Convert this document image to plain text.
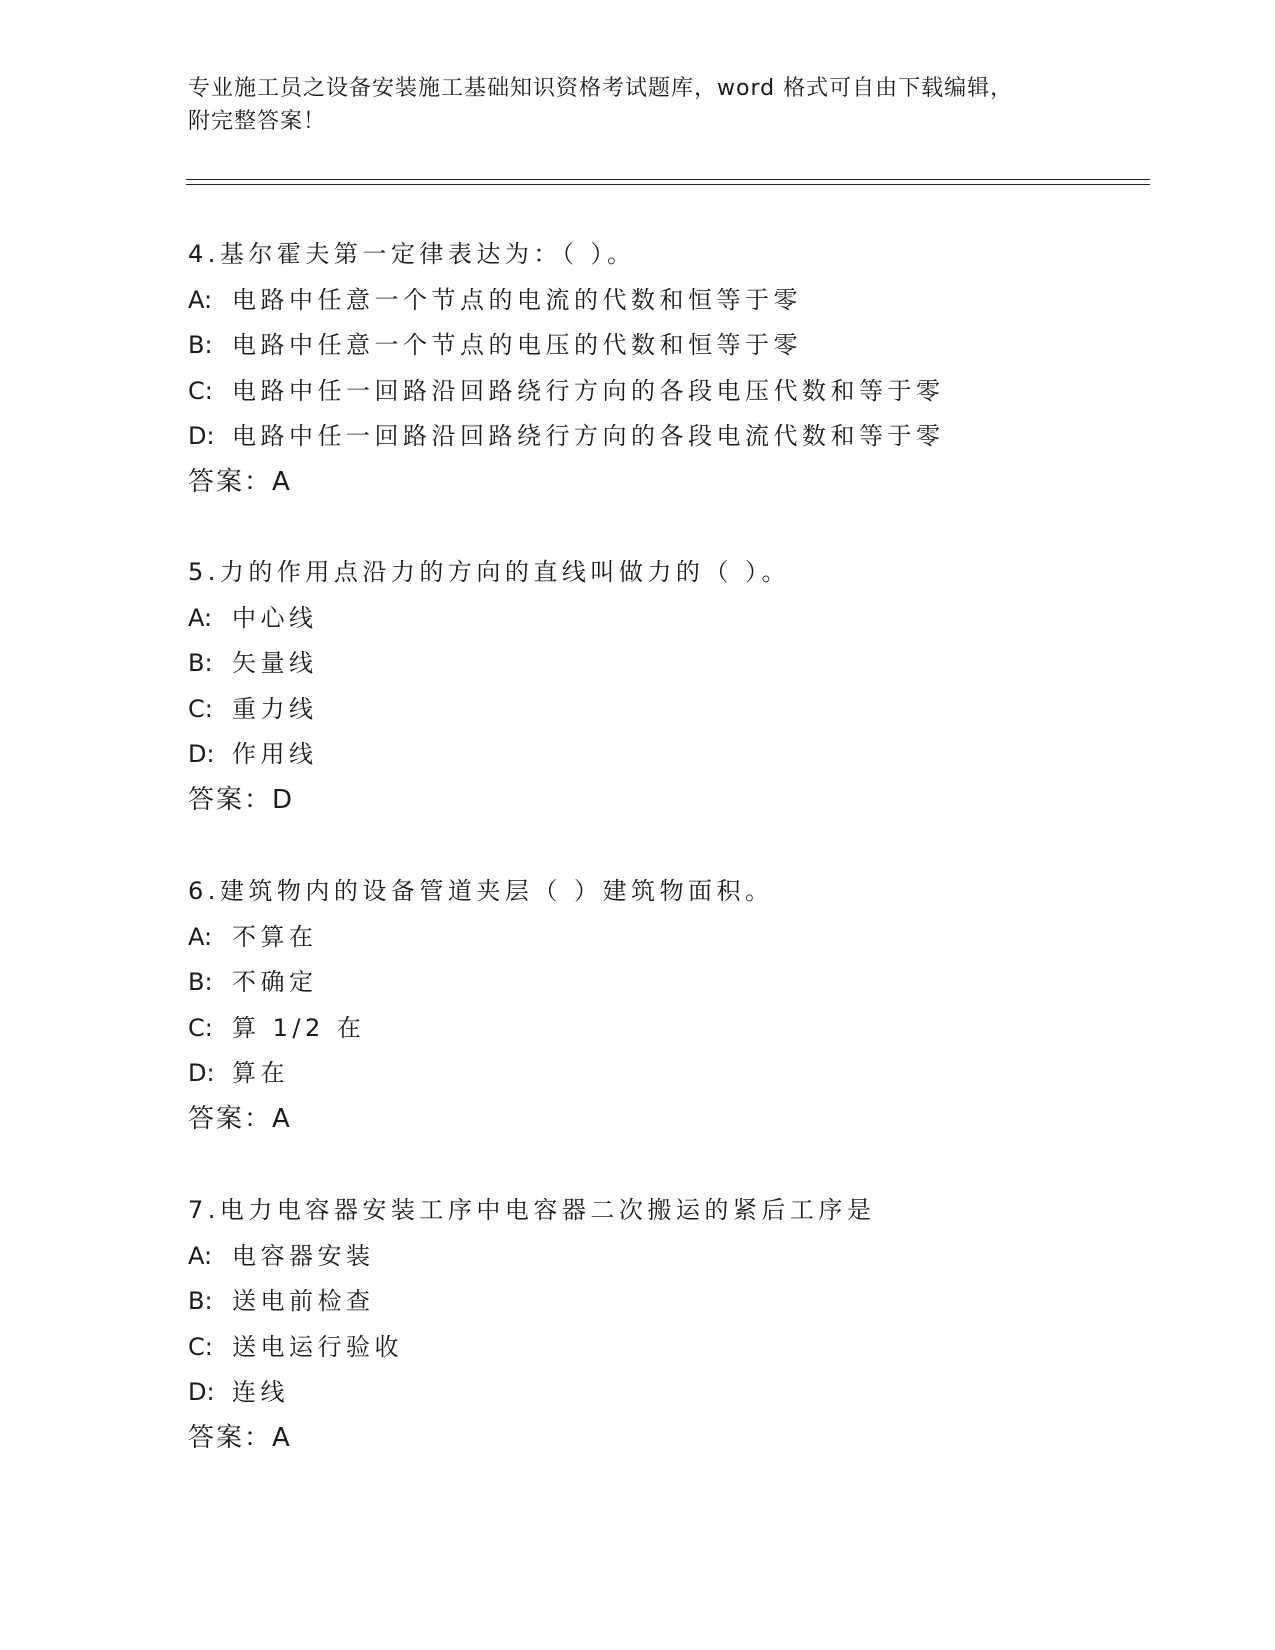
专业施工员之设备安装施工基础知识资格考试题库，word 格式可自由下载编辑，
附完整答案！
4.基尔霍夫第一定律表达为：（ ）。
A: 电路中任意一个节点的电流的代数和恒等于零
B: 电路中任意一个节点的电压的代数和恒等于零
C: 电路中任一回路沿回路绕行方向的各段电压代数和等于零
D: 电路中任一回路沿回路绕行方向的各段电流代数和等于零
答案：A
5.力的作用点沿力的方向的直线叫做力的（ ）。
A: 中心线
B: 矢量线
C: 重力线
D: 作用线
答案：D
6.建筑物内的设备管道夹层（ ）建筑物面积。
A: 不算在
B: 不确定
C: 算 1/2 在
D: 算在
答案：A
7.电力电容器安装工序中电容器二次搬运的紧后工序是
A: 电容器安装
B: 送电前检查
C: 送电运行验收
D: 连线
答案：A
